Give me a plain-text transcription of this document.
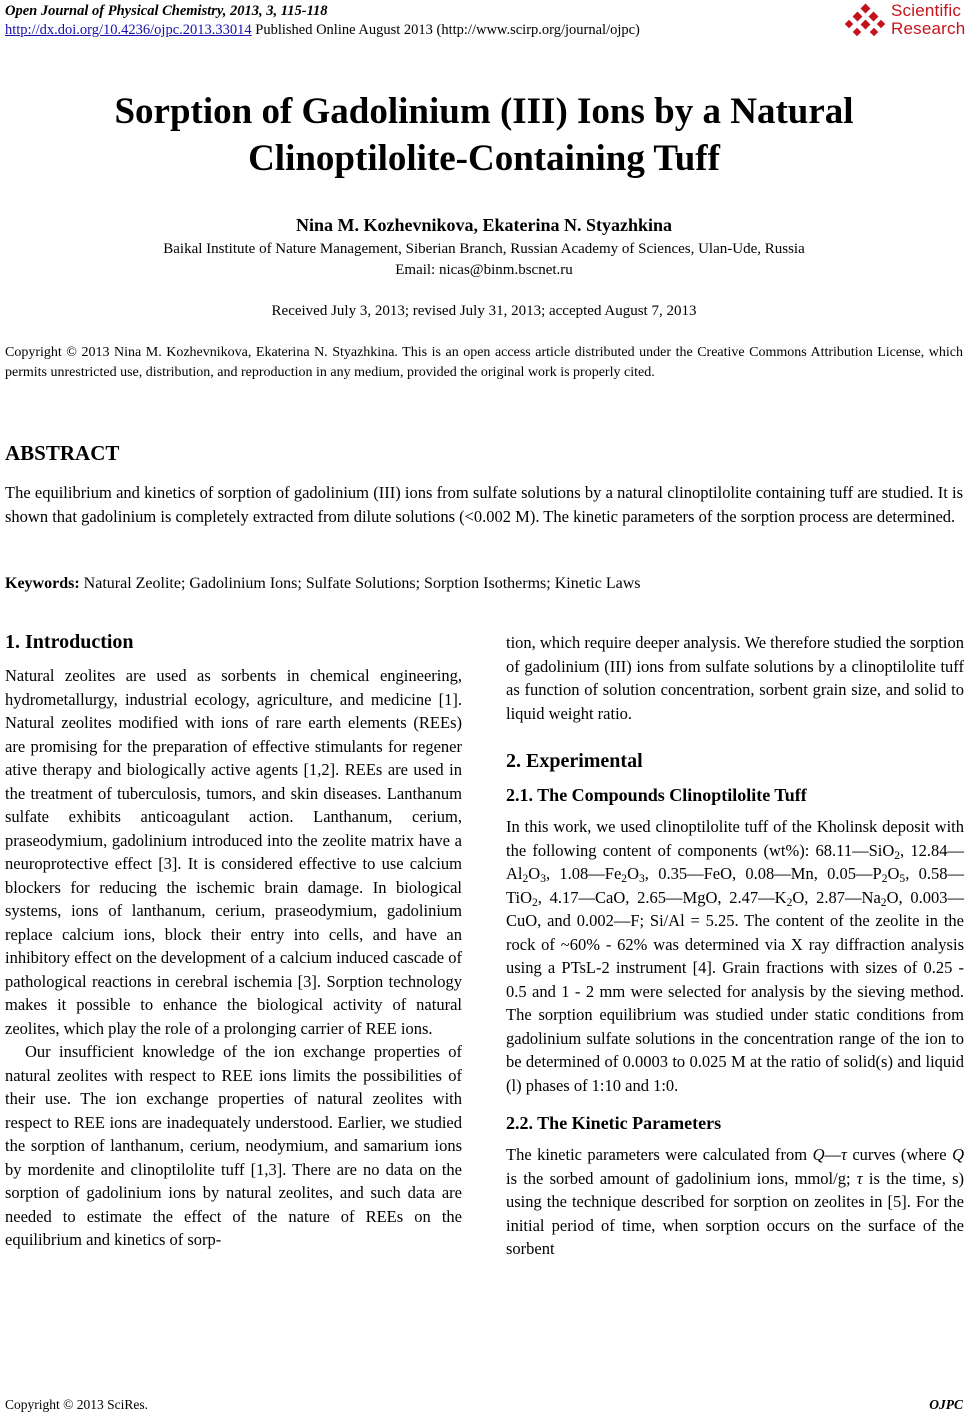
Open Journal of Physical Chemistry, 2013, 3, 115-118
http://dx.doi.org/10.4236/ojpc.2013.33014 Published Online August 2013 (http://www.scirp.org/journal/ojpc)
Scientific
Research
Sorption of Gadolinium (III) Ions by a Natural
Clinoptilolite-Containing Tuff
Nina M. Kozhevnikova, Ekaterina N. Styazhkina
Baikal Institute of Nature Management, Siberian Branch, Russian Academy of Sciences, Ulan-Ude, Russia
Email: nicas@binm.bscnet.ru
Received July 3, 2013; revised July 31, 2013; accepted August 7, 2013
Copyright © 2013 Nina M. Kozhevnikova, Ekaterina N. Styazhkina. This is an open access article distributed under the Creative Commons Attribution License, which permits unrestricted use, distribution, and reproduction in any medium, provided the original work is properly cited.
ABSTRACT
The equilibrium and kinetics of sorption of gadolinium (III) ions from sulfate solutions by a natural clinoptilolite containing tuff are studied. It is shown that gadolinium is completely extracted from dilute solutions (<0.002 M). The kinetic parameters of the sorption process are determined.
Keywords: Natural Zeolite; Gadolinium Ions; Sulfate Solutions; Sorption Isotherms; Kinetic Laws
1. Introduction

Natural zeolites are used as sorbents in chemical engineering, hydrometallurgy, industrial ecology, agriculture, and medicine [1]. Natural zeolites modified with ions of rare earth elements (REEs) are promising for the preparation of effective stimulants for regener ative therapy and biologically active agents [1,2]. REEs are used in the treatment of tuberculosis, tumors, and skin diseases. Lanthanum sulfate exhibits anticoagulant action. Lanthanum, cerium, praseodymium, gadolinium introduced into the zeolite matrix have a neuroprotective effect [3]. It is considered effective to use calcium blockers for reducing the ischemic brain damage. In biological systems, ions of lanthanum, cerium, praseodymium, gadolinium replace calcium ions, block their entry into cells, and have an inhibitory effect on the development of a calcium induced cascade of pathological reactions in cerebral ischemia [3]. Sorption technology makes it possible to enhance the biological activity of natural zeolites, which play the role of a prolonging carrier of REE ions.

Our insufficient knowledge of the ion exchange properties of natural zeolites with respect to REE ions limits the possibilities of their use. The ion exchange properties of natural zeolites with respect to REE ions are inadequately understood. Earlier, we studied the sorption of lanthanum, cerium, neodymium, and samarium ions by mordenite and clinoptilolite tuff [1,3]. There are no data on the sorption of gadolinium ions by natural zeolites, and such data are needed to estimate the effect of the nature of REEs on the equilibrium and kinetics of sorp-

tion, which require deeper analysis. We therefore studied the sorption of gadolinium (III) ions from sulfate solutions by a clinoptilolite tuff as function of solution concentration, sorbent grain size, and solid to liquid weight ratio.

2. Experimental
2.1. The Compounds Clinoptilolite Tuff

In this work, we used clinoptilolite tuff of the Kholinsk deposit with the following content of components (wt%): 68.11—SiO$_2$, $12.84—Al_2O_3$, $1.08—Fe_2O_3$, 0.35—FeO, 0.08—Mn, $0.05—P_2O_5$, 0.58—TiO$_2$, 4.17—CaO, 2.65—MgO, $2.47—K_2O$, $2.87—Na_2O$, 0.003—CuO, and 0.002—F; Si/Al = 5.25. The content of the zeolite in the rock of ~60% - 62% was determined via X ray diffraction analysis using a PTsL-2 instrument [4]. Grain fractions with sizes of 0.25 - 0.5 and 1 - 2 mm were selected for analysis by the sieving method. The sorption equilibrium was studied under static conditions from gadolinium sulfate solutions in the concentration range of the ion to be determined of 0.0003 to 0.025 M at the ratio of solid(s) and liquid (l) phases of 1:10 and 1:0.

2.2. The Kinetic Parameters

The kinetic parameters were calculated from Q—τ curves (where Q is the sorbed amount of gadolinium ions, mmol/g; τ is the time, s) using the technique described for sorption on zeolites in [5]. For the initial period of time, when sorption occurs on the surface of the sorbent

Copyright © 2013 SciRes.	OJPC
